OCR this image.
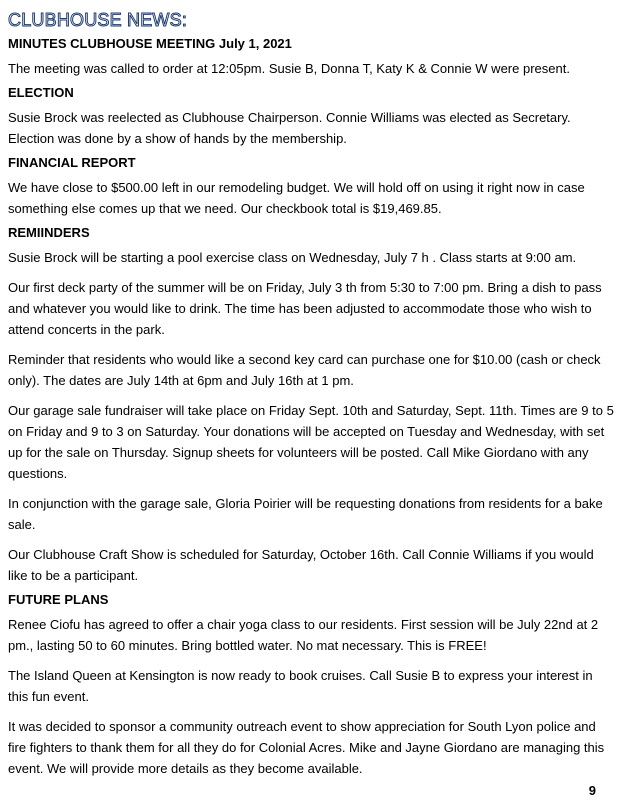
CLUBHOUSE NEWS:
MINUTES CLUBHOUSE MEETING July 1, 2021

The meeting was called to order at 12:05pm. Susie B, Donna T, Katy K & Connie W were present.

ELECTION

Susie Brock was reelected as Clubhouse Chairperson. Connie Williams was elected as Secretary. Election was done by a show of hands by the membership.

FINANCIAL REPORT

We have close to $500.00 left in our remodeling budget. We will hold off on using it right now in case something else comes up that we need. Our checkbook total is $19,469.85.

REMIINDERS

Susie Brock will be starting a pool exercise class on Wednesday, July 7 h . Class starts at 9:00 am.

Our first deck party of the summer will be on Friday, July 3 th from 5:30 to 7:00 pm. Bring a dish to pass and whatever you would like to drink. The time has been adjusted to accommodate those who wish to attend concerts in the park.

Reminder that residents who would like a second key card can purchase one for $10.00 (cash or check only). The dates are July 14th at 6pm and July 16th at 1 pm.

Our garage sale fundraiser will take place on Friday Sept. 10th and Saturday, Sept. 11th. Times are 9 to 5 on Friday and 9 to 3 on Saturday. Your donations will be accepted on Tuesday and Wednesday, with set up for the sale on Thursday. Signup sheets for volunteers will be posted. Call Mike Giordano with any questions.

In conjunction with the garage sale, Gloria Poirier will be requesting donations from residents for a bake sale.

Our Clubhouse Craft Show is scheduled for Saturday, October 16th. Call Connie Williams if you would like to be a participant.

FUTURE PLANS

Renee Ciofu has agreed to offer a chair yoga class to our residents. First session will be July 22nd at 2 pm., lasting 50 to 60 minutes. Bring bottled water. No mat necessary. This is FREE!

The Island Queen at Kensington is now ready to book cruises. Call Susie B to express your interest in this fun event.

It was decided to sponsor a community outreach event to show appreciation for South Lyon police and fire fighters to thank them for all they do for Colonial Acres. Mike and Jayne Giordano are managing this event. We will provide more details as they become available.

9
